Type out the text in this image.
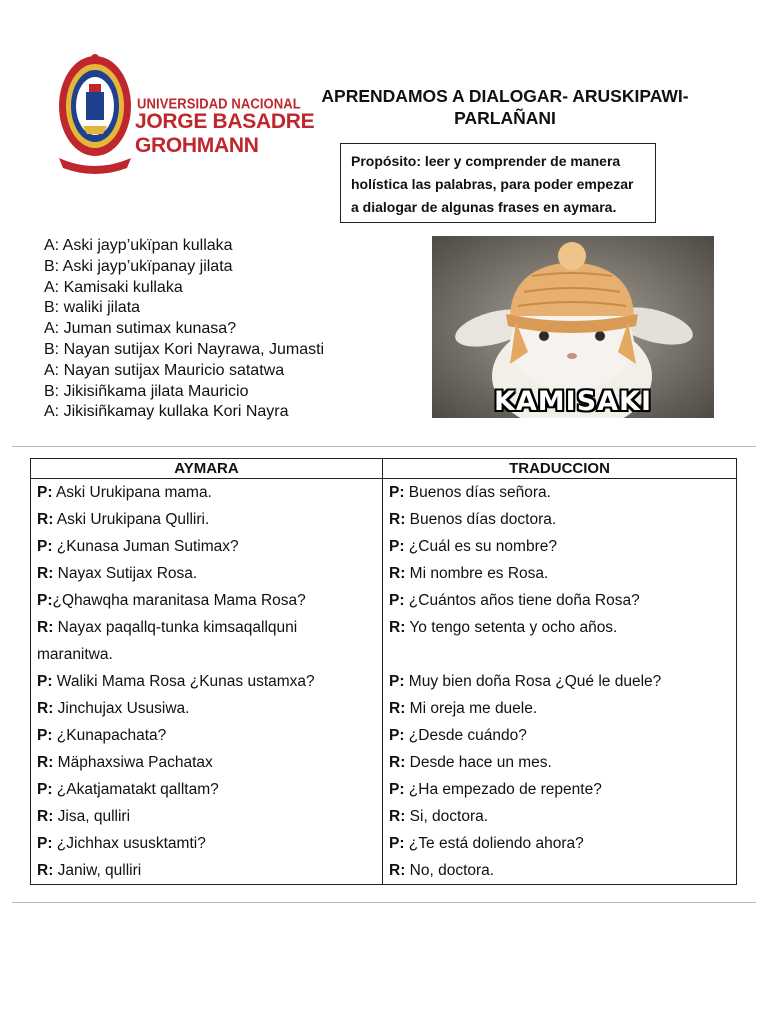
UNIVERSIDAD NACIONAL
JORGE BASADRE
GROHMANN
APRENDAMOS A DIALOGAR- ARUSKIPAWI-PARLAÑANI
Propósito: leer y comprender de manera holística las palabras, para poder empezar a dialogar de algunas frases en aymara.
A: Aski jayp’ukïpan kullaka
B: Aski jayp’ukïpanay jilata
A: Kamisaki kullaka
B: waliki jilata
A: Juman sutimax kunasa?
B: Nayan sutijax Kori Nayrawa, Jumasti
A: Nayan sutijax Mauricio satatwa
B: Jikisiñkama jilata Mauricio
A: Jikisiñkamay kullaka Kori Nayra	KAMISAKI
AYMARA	TRADUCCION
P: Aski Urukipana mama.	P: Buenos días señora.
R: Aski Urukipana Qulliri.	R: Buenos días doctora.
P: ¿Kunasa Juman Sutimax?	P: ¿Cuál es su nombre?
R: Nayax Sutijax Rosa.	R: Mi nombre es Rosa.
P:¿Qhawqha maranitasa Mama Rosa?	P: ¿Cuántos años tiene doña Rosa?
R: Nayax paqallq-tunka kimsaqallquni maranitwa.	R: Yo tengo setenta y ocho años.
P: Waliki Mama Rosa ¿Kunas ustamxa?	P: Muy bien doña Rosa ¿Qué le duele?
R: Jinchujax Ususiwa.	R: Mi oreja me duele.
P: ¿Kunapachata?	P: ¿Desde cuándo?
R: Mäphaxsiwa Pachatax	R: Desde hace un mes.
P: ¿Akatjamatakt qalltam?	P: ¿Ha empezado de repente?
R: Jisa, qulliri	R: Si, doctora.
P: ¿Jichhax ususktamti?	P: ¿Te está doliendo ahora?
R: Janiw, qulliri	R: No, doctora.
